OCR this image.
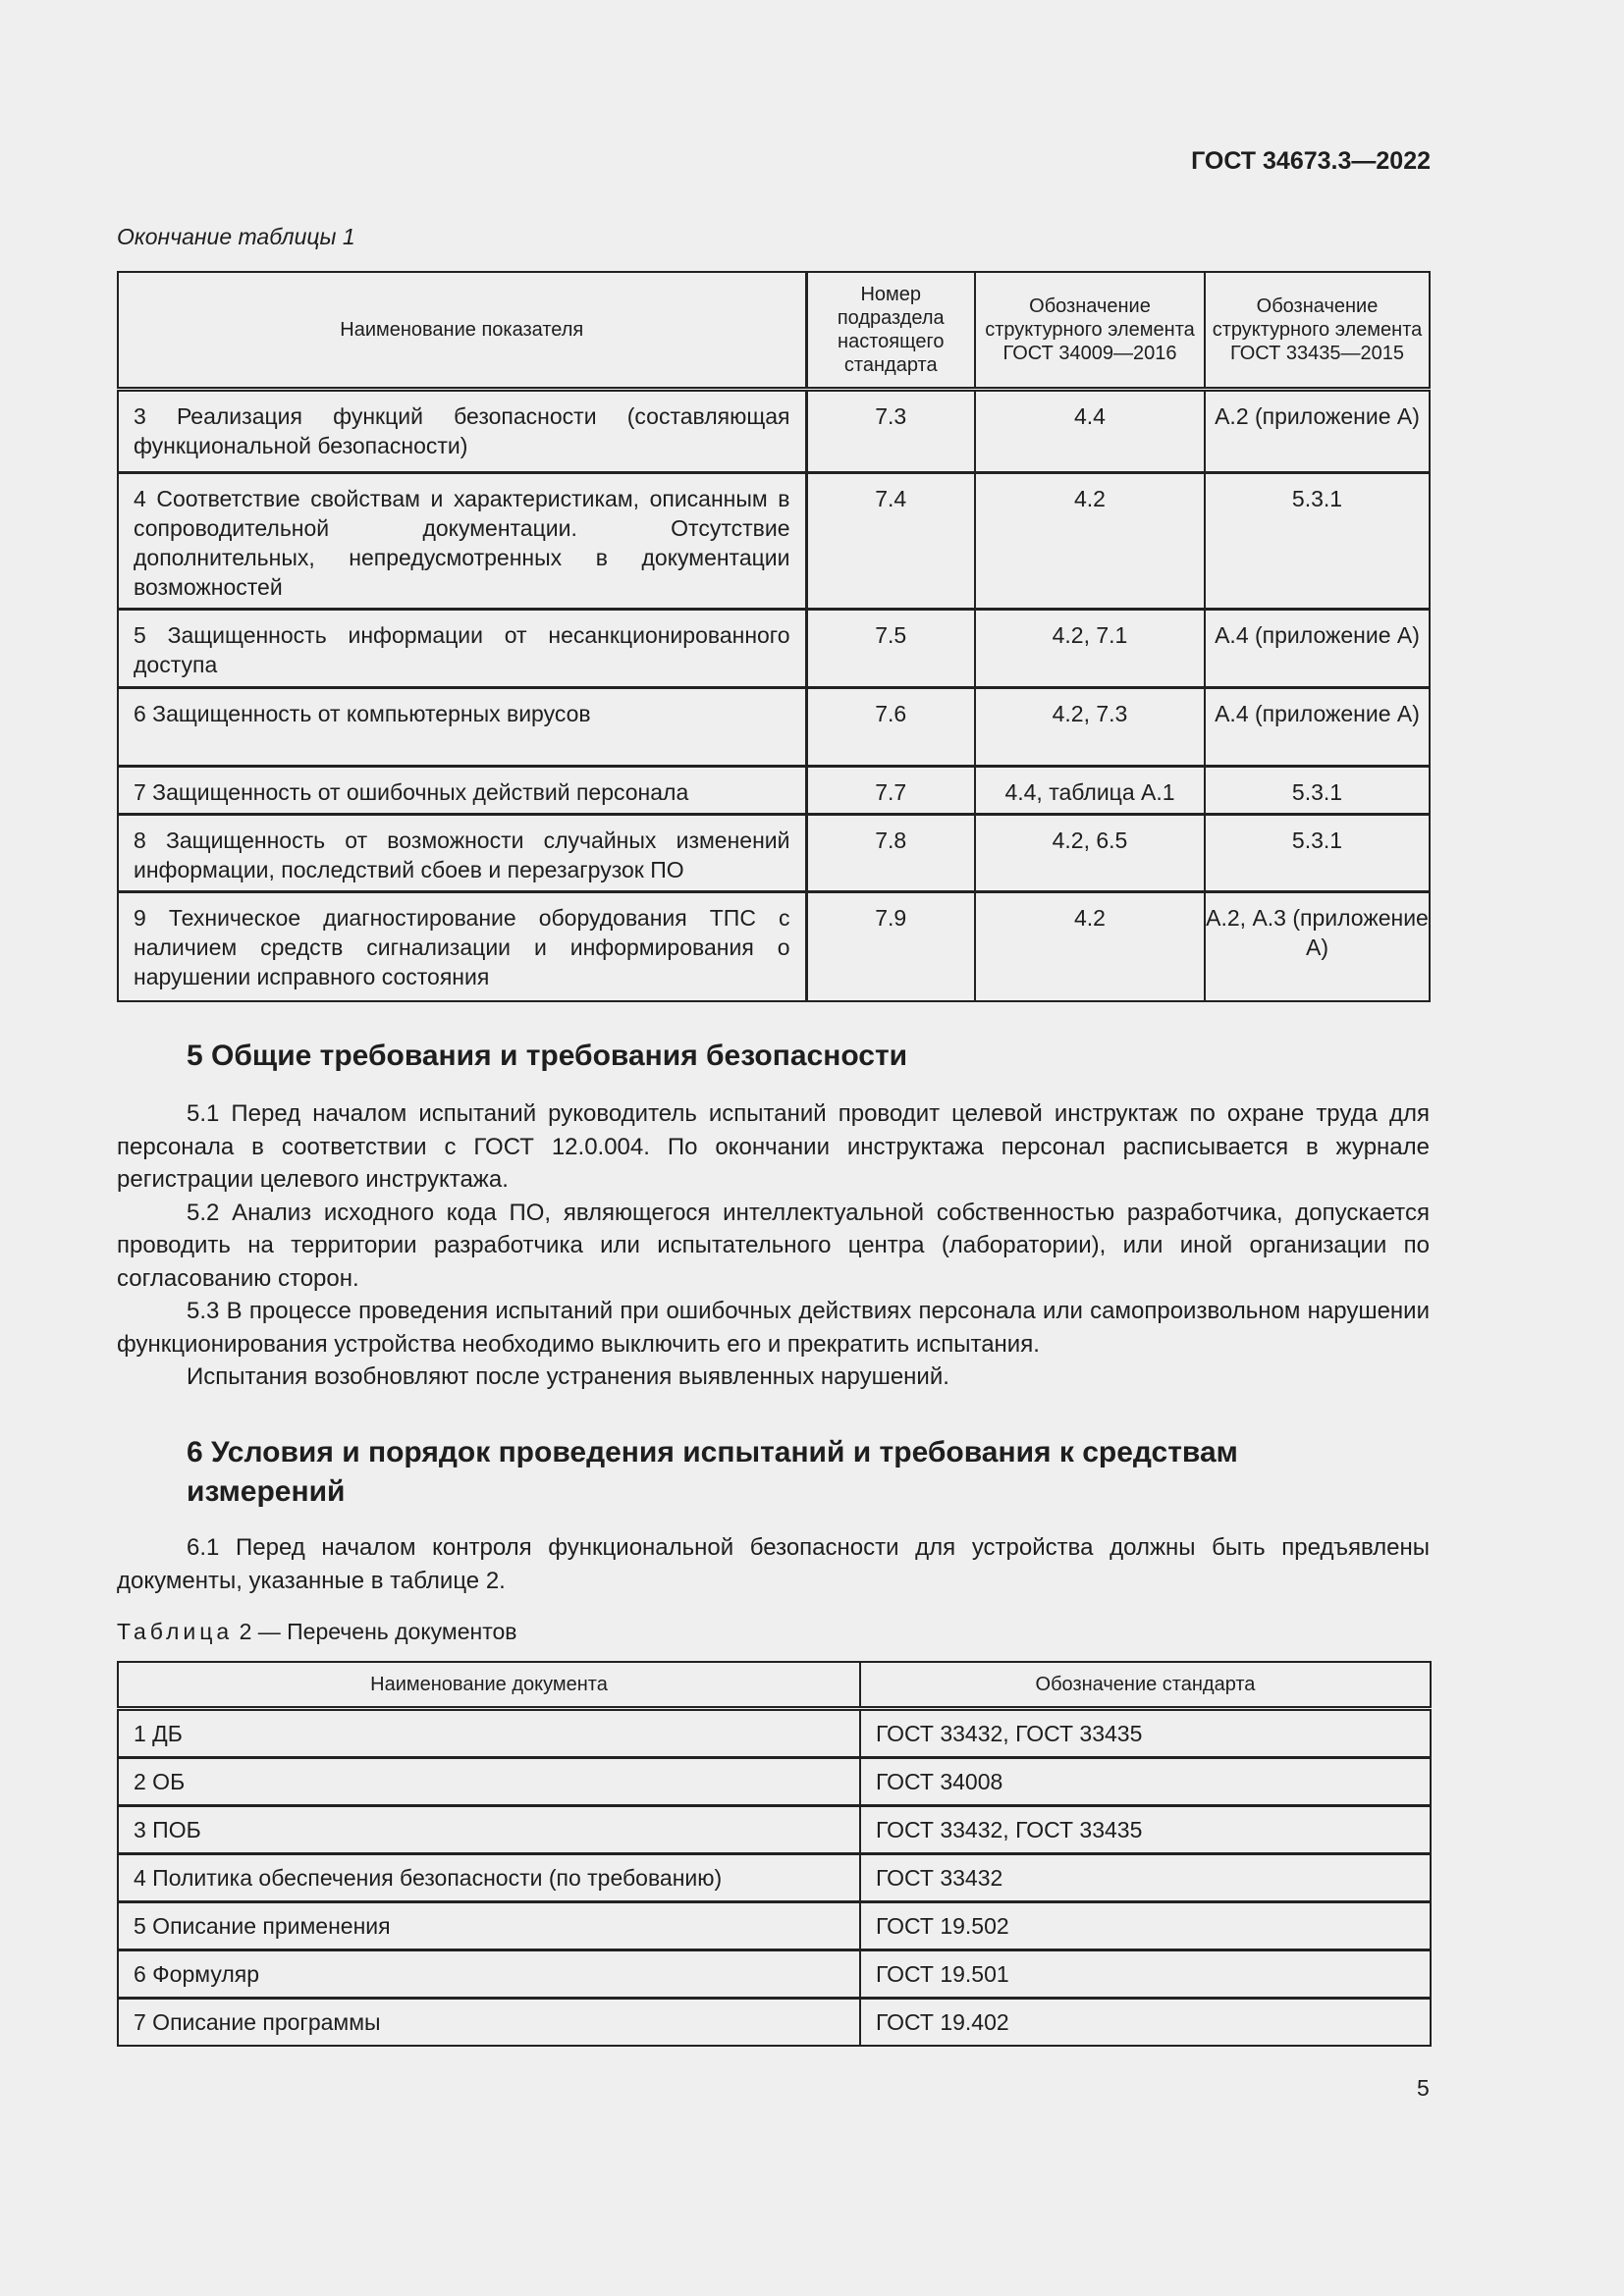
ГОСТ 34673.3—2022
Окончание таблицы 1
Наименование показателя	Номер подраздела настоящего стандарта	Обозначение структурного элемента ГОСТ 34009—2016	Обозначение структурного элемента ГОСТ 33435—2015
3 Реализация функций безопасности (составляющая функциональной безопасности)	7.3	4.4	А.2 (приложение А)
4 Соответствие свойствам и характеристикам, описанным в сопроводительной документации. Отсутствие дополнительных, непредусмотренных в документации возможностей	7.4	4.2	5.3.1
5 Защищенность информации от несанкционированного доступа	7.5	4.2, 7.1	А.4 (приложение А)
6 Защищенность от компьютерных вирусов	7.6	4.2, 7.3	А.4 (приложение А)
7 Защищенность от ошибочных действий персонала	7.7	4.4, таблица А.1	5.3.1
8 Защищенность от возможности случайных изменений информации, последствий сбоев и перезагрузок ПО	7.8	4.2, 6.5	5.3.1
9 Техническое диагностирование оборудования ТПС с наличием средств сигнализации и информирования о нарушении исправного состояния	7.9	4.2	А.2, А.3 (приложение А)
5 Общие требования и требования безопасности

5.1 Перед началом испытаний руководитель испытаний проводит целевой инструктаж по охране труда для персонала в соответствии с ГОСТ 12.0.004. По окончании инструктажа персонал расписывается в журнале регистрации целевого инструктажа.

5.2 Анализ исходного кода ПО, являющегося интеллектуальной собственностью разработчика, допускается проводить на территории разработчика или испытательного центра (лаборатории), или иной организации по согласованию сторон.

5.3 В процессе проведения испытаний при ошибочных действиях персонала или самопроизвольном нарушении функционирования устройства необходимо выключить его и прекратить испытания.

Испытания возобновляют после устранения выявленных нарушений.

6 Условия и порядок проведения испытаний и требования к средствам измерений

6.1 Перед началом контроля функциональной безопасности для устройства должны быть предъявлены документы, указанные в таблице 2.

Таблица 2 — Перечень документов
Наименование документа	Обозначение стандарта
1 ДБ	ГОСТ 33432, ГОСТ 33435
2 ОБ	ГОСТ 34008
3 ПОБ	ГОСТ 33432, ГОСТ 33435
4 Политика обеспечения безопасности (по требованию)	ГОСТ 33432
5 Описание применения	ГОСТ 19.502
6 Формуляр	ГОСТ 19.501
7 Описание программы	ГОСТ 19.402
5
